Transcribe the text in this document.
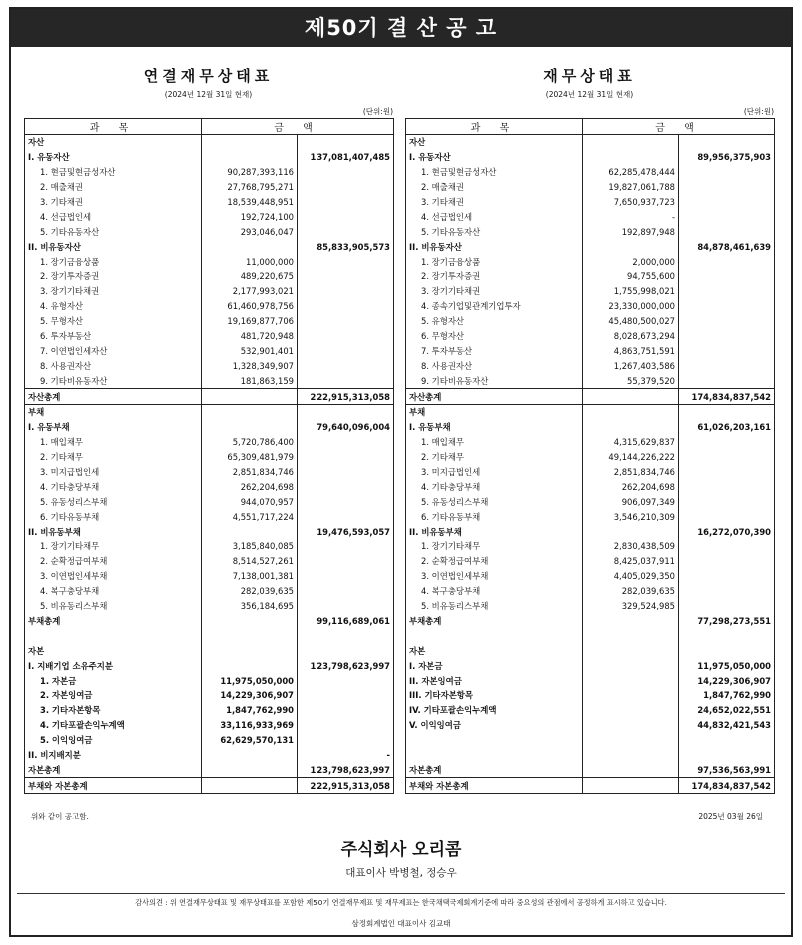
제50기 결 산 공 고
연결재무상태표
(2024년 12월 31일 현재)
(단위:원)
과 목	금 액	
자산		
I. 유동자산		137,081,407,485
1. 현금및현금성자산	90,287,393,116	
2. 매출채권	27,768,795,271	
3. 기타채권	18,539,448,951	
4. 선급법인세	192,724,100	
5. 기타유동자산	293,046,047	
II. 비유동자산		85,833,905,573
1. 장기금융상품	11,000,000	
2. 장기투자증권	489,220,675	
3. 장기기타채권	2,177,993,021	
4. 유형자산	61,460,978,756	
5. 무형자산	19,169,877,706	
6. 투자부동산	481,720,948	
7. 이연법인세자산	532,901,401	
8. 사용권자산	1,328,349,907	
9. 기타비유동자산	181,863,159	
자산총계		222,915,313,058
부채		
Ⅰ. 유동부채		79,640,096,004
1. 매입채무	5,720,786,400	
2. 기타채무	65,309,481,979	
3. 미지급법인세	2,851,834,746	
4. 기타충당부채	262,204,698	
5. 유동성리스부채	944,070,957	
6. 기타유동부채	4,551,717,224	
II. 비유동부채		19,476,593,057
1. 장기기타채무	3,185,840,085	
2. 순확정급여부채	8,514,527,261	
3. 이연법인세부채	7,138,001,381	
4. 복구충당부채	282,039,635	
5. 비유동리스부채	356,184,695	
부채총계		99,116,689,061

자본		
I. 지배기업 소유주지분		123,798,623,997
1. 자본금	11,975,050,000	
2. 자본잉여금	14,229,306,907	
3. 기타자본항목	1,847,762,990	
4. 기타포괄손익누계액	33,116,933,969	
5. 이익잉여금	62,629,570,131	
II. 비지배지분		-
자본총계		123,798,623,997
부채와 자본총계		222,915,313,058
재무상태표
(2024년 12월 31일 현재)
(단위:원)
과 목	금 액	
자산		
I. 유동자산		89,956,375,903
1. 현금및현금성자산	62,285,478,444	
2. 매출채권	19,827,061,788	
3. 기타채권	7,650,937,723	
4. 선급법인세	-	
5. 기타유동자산	192,897,948	
II. 비유동자산		84,878,461,639
1. 장기금융상품	2,000,000	
2. 장기투자증권	94,755,600	
3. 장기기타채권	1,755,998,021	
4. 종속기업및관계기업투자	23,330,000,000	
5. 유형자산	45,480,500,027	
6. 무형자산	8,028,673,294	
7. 투자부동산	4,863,751,591	
8. 사용권자산	1,267,403,586	
9. 기타비유동자산	55,379,520	
자산총계		174,834,837,542
부채		
Ⅰ. 유동부채		61,026,203,161
1. 매입채무	4,315,629,837	
2. 기타채무	49,144,226,222	
3. 미지급법인세	2,851,834,746	
4. 기타충당부채	262,204,698	
5. 유동성리스부채	906,097,349	
6. 기타유동부채	3,546,210,309	
II. 비유동부채		16,272,070,390
1. 장기기타채무	2,830,438,509	
2. 순확정급여부채	8,425,037,911	
3. 이연법인세부채	4,405,029,350	
4. 복구충당부채	282,039,635	
5. 비유동리스부채	329,524,985	
부채총계		77,298,273,551

자본		
I. 자본금		11,975,050,000
II. 자본잉여금		14,229,306,907
III. 기타자본항목		1,847,762,990
IV. 기타포괄손익누계액		24,652,022,551
V. 이익잉여금		44,832,421,543

자본총계		97,536,563,991
부채와 자본총계		174,834,837,542
위와 같이 공고함.	2025년 03월 26일
주식회사 오리콤
대표이사 박병철, 정승우
감사의견 : 위 연결재무상태표 및 재무상태표를 포함한 제50기 연결재무제표 및 재무제표는 한국채택국제회계기준에 따라 중요성의 관점에서 공정하게 표시하고 있습니다.
삼정회계법인 대표이사 김교태
